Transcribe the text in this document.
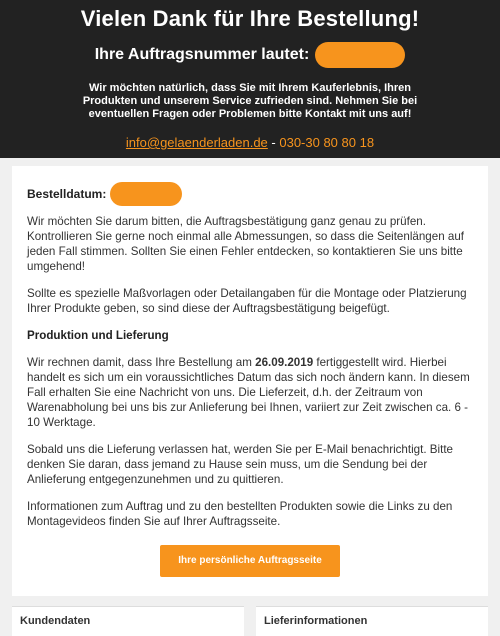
Vielen Dank für Ihre Bestellung!
Ihre Auftragsnummer lautet:
Wir möchten natürlich, dass Sie mit Ihrem Kauferlebnis, Ihren Produkten und unserem Service zufrieden sind. Nehmen Sie bei eventuellen Fragen oder Problemen bitte Kontakt mit uns auf!
info@gelaenderladen.de - 030-30 80 80 18
Bestelldatum:

Wir möchten Sie darum bitten, die Auftragsbestätigung ganz genau zu prüfen. Kontrollieren Sie gerne noch einmal alle Abmessungen, so dass die Seitenlängen auf jeden Fall stimmen. Sollten Sie einen Fehler entdecken, so kontaktieren Sie uns bitte umgehend!

Sollte es spezielle Maßvorlagen oder Detailangaben für die Montage oder Platzierung Ihrer Produkte geben, so sind diese der Auftragsbestätigung beigefügt.

Produktion und Lieferung

Wir rechnen damit, dass Ihre Bestellung am 26.09.2019 fertiggestellt wird. Hierbei handelt es sich um ein voraussichtliches Datum das sich noch ändern kann. In diesem Fall erhalten Sie eine Nachricht von uns. Die Lieferzeit, d.h. der Zeitraum von Warenabholung bei uns bis zur Anlieferung bei Ihnen, variiert zur Zeit zwischen ca. 6 - 10 Werktage.

Sobald uns die Lieferung verlassen hat, werden Sie per E-Mail benachrichtigt. Bitte denken Sie daran, dass jemand zu Hause sein muss, um die Sendung bei der Anlieferung entgegenzunehmen und zu quittieren.

Informationen zum Auftrag und zu den bestellten Produkten sowie die Links zu den Montagevideos finden Sie auf Ihrer Auftragsseite.

Ihre persönliche Auftragsseite
Kundendaten	Lieferinformationen
